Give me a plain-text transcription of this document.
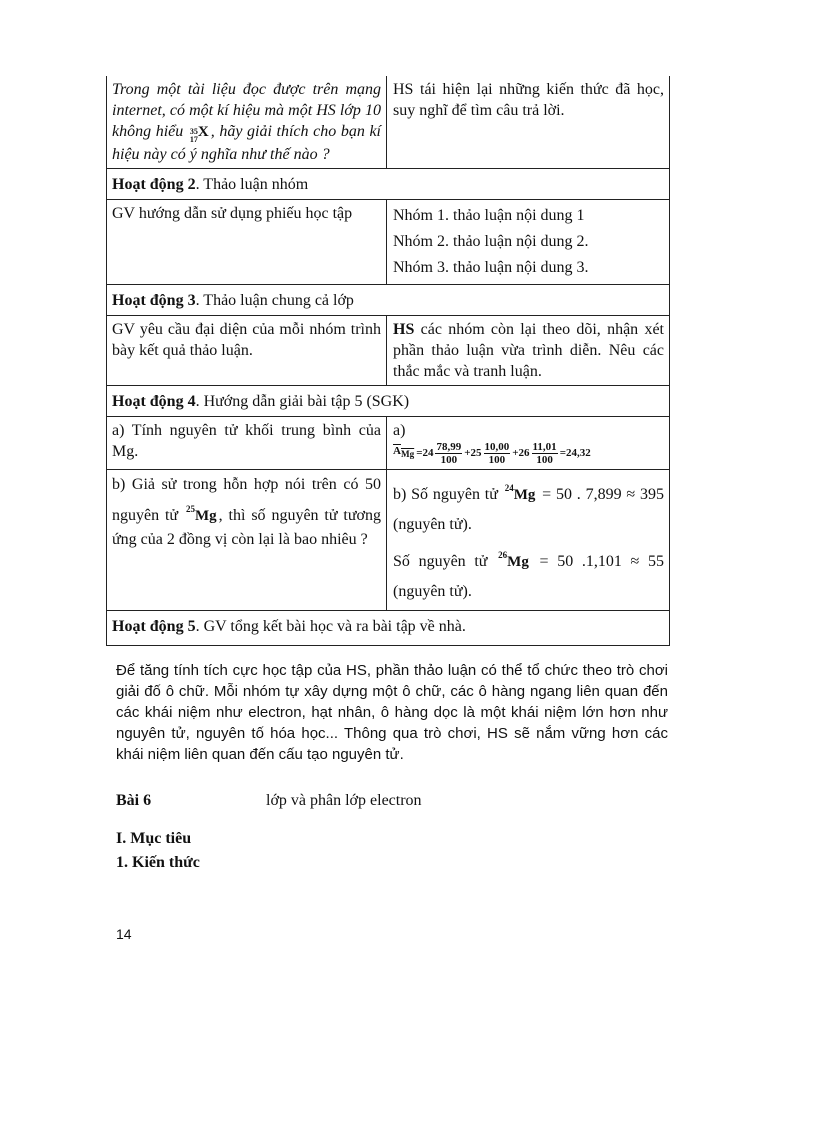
Trong một tài liệu đọc được trên mạng internet, có một kí hiệu mà một HS lớp 10 không hiểu 35
17 X , hãy giải thích cho bạn kí hiệu này có ý nghĩa như thế nào ?
HS tái hiện lại những kiến thức đã học, suy nghĩ để tìm câu trả lời.
Hoạt động 2. Thảo luận nhóm
GV hướng dẫn sử dụng phiếu học tập	Nhóm 1. thảo luận nội dung 1
Nhóm 2. thảo luận nội dung 2.
Nhóm 3. thảo luận nội dung 3.
Hoạt động 3. Thảo luận chung cả lớp
GV yêu cầu đại diện của mỗi nhóm trình bày kết quả thảo luận.
HS các nhóm còn lại theo dõi, nhận xét phần thảo luận vừa trình diễn. Nêu các thắc mắc và tranh luận.
Hoạt động 4. Hướng dẫn giải bài tập 5 (SGK)
a) Tính nguyên tử khối trung bình của Mg.
a)
$A_{Mg} =24 \frac{78,99}{100} +25 \frac{10,00}{100} +26 \frac{11,01}{100} =24,32$
b) Giả sử trong hỗn hợp nói trên có 50 nguyên tử $^{25}$Mg , thì số nguyên tử tương ứng của 2 đồng vị còn lại là bao nhiêu ?
b) Số nguyên tử $^{24}$Mg = 50 . 7,899 ≈ 395 (nguyên tử).
Số nguyên tử $^{26}$Mg = 50 .1,101 ≈ 55 (nguyên tử).
Hoạt động 5. GV tổng kết bài học và ra bài tập về nhà.
Để tăng tính tích cực học tập của HS, phần thảo luận có thể tổ chức theo trò chơi giải đố ô chữ. Mỗi nhóm tự xây dựng một ô chữ, các ô hàng ngang liên quan đến các khái niệm như electron, hạt nhân, ô hàng dọc là một khái niệm lớn hơn như nguyên tử, nguyên tố hóa học... Thông qua trò chơi, HS sẽ nắm vững hơn các khái niệm liên quan đến cấu tạo nguyên tử.
Bài 6	lớp và phân lớp electron
I. Mục tiêu
1. Kiến thức
14
